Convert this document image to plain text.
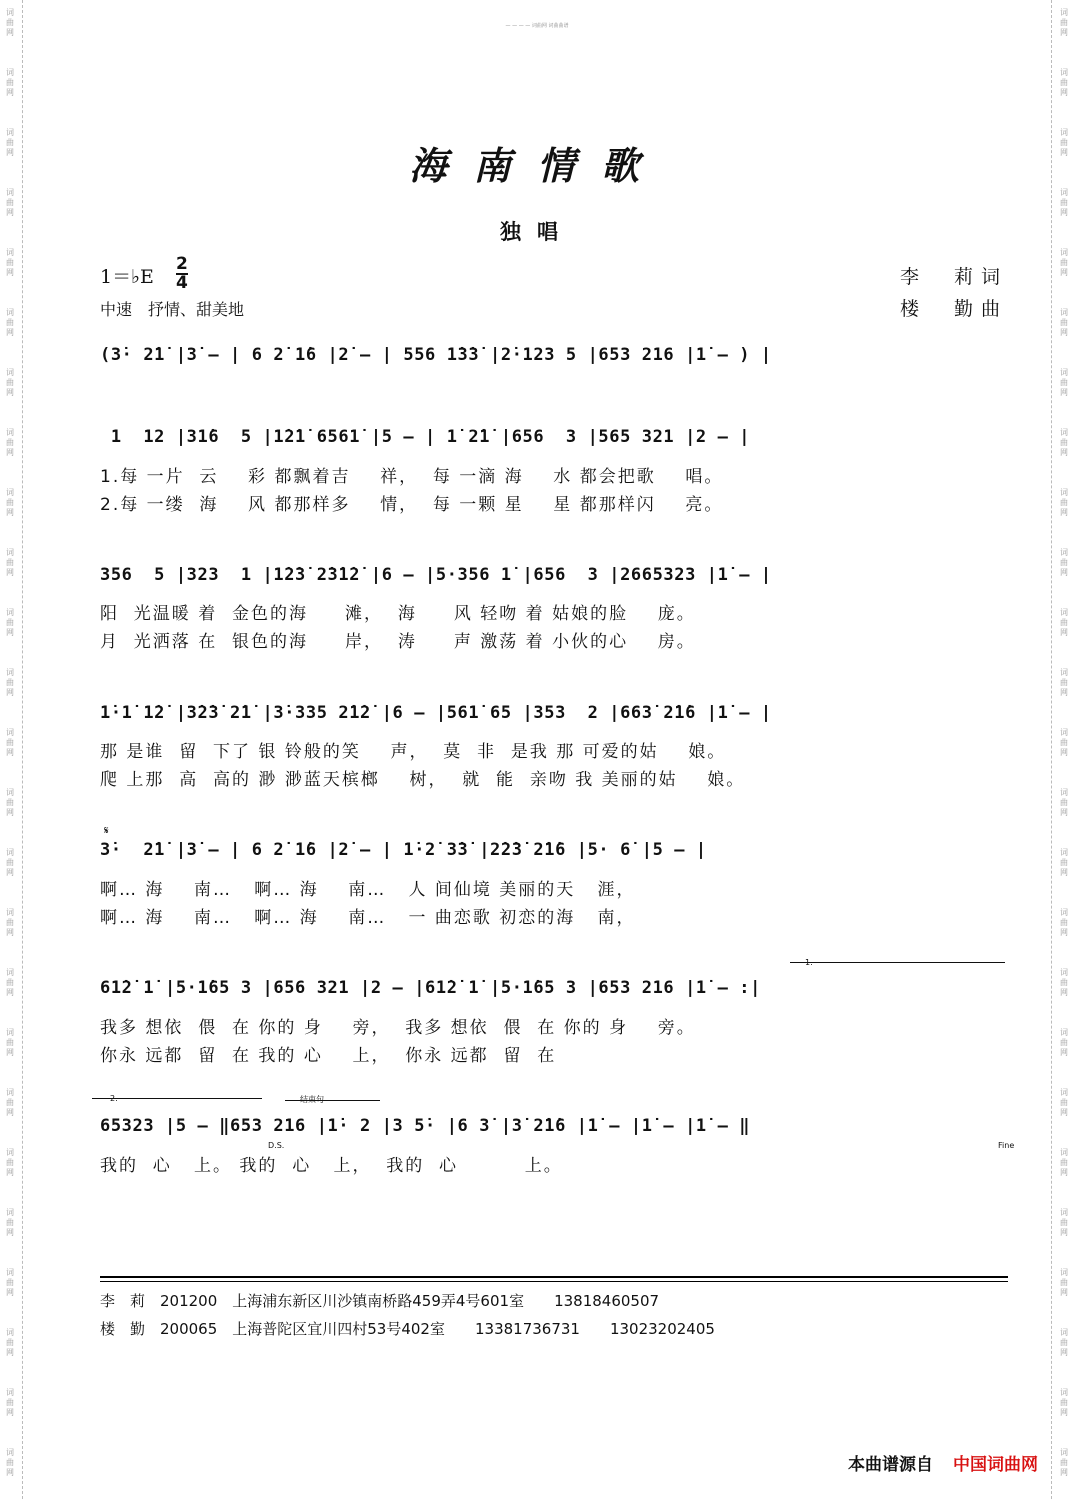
词
曲
网
词
曲
网
词
曲
网
词
曲
网
词
曲
网
词
曲
网
词
曲
网
词
曲
网
词
曲
网
词
曲
网
词
曲
网
词
曲
网
词
曲
网
词
曲
网
词
曲
网
词
曲
网
词
曲
网
词
曲
网
词
曲
网
词
曲
网
词
曲
网
词
曲
网
词
曲
网
词
曲
网
词
曲
网
词
曲
网
词
曲
网
词
曲
网
词
曲
网
词
曲
网
词
曲
网
词
曲
网
词
曲
网
词
曲
网
词
曲
网
词
曲
网
词
曲
网
词
曲
网
词
曲
网
词
曲
网
词
曲
网
词
曲
网
词
曲
网
词
曲
网
词
曲
网
词
曲
网
词
曲
网
词
曲
网
词
曲
网
词
曲
网
— — — — 词曲网 词曲曲谱
海南情歌
独唱
1＝♭E
2
4
中速　抒情、甜美地
李　莉词
楼　勤曲
(3̇· 2̇1̇ |3̇ — | 6 2̇ 1̇6 |2̇ — | 556 1̇3̇3̇ |2̇·123 5 |653 216 |1̇ — ) |
1  12 |31̇6  5 |1̇2̇1̇ 6561̇ |5 — | 1̇ 2̇1̇ |656  3 |565 321 |2 — |
1.每 一片  云    彩 都飘着吉    祥，  每 一滴 海    水 都会把歌    唱。
2.每 一缕  海    风 都那样多    情，  每 一颗 星    星 都那样闪    亮。
356  5 |323  1 |1̇2̇3̇ 2̇3̇1̇2̇ |6 — |5·356 1̇ |656  3 |2665323 |1̇ — |
阳  光温暖 着  金色的海     滩，  海     风 轻吻 着 姑娘的脸    庞。
月  光洒落 在  银色的海     岸，  涛     声 激荡 着 小伙的心    房。
1̇·1̇ 1̇2̇ |3̇2̇3̇ 2̇1̇ |3̇·335 2̇1̇2̇ |6 — |561̇ 65 |353  2 |663̇ 2̇1̇6 |1̇ — |
那 是谁  留  下了 银 铃般的笑    声，  莫  非  是我 那 可爱的姑    娘。
爬 上那  高  高的 渺 渺蓝天槟榔    树，  就  能  亲吻 我 美丽的姑    娘。
𝄋
3̇·  2̇1̇ |3̇ — | 6 2̇ 1̇6 |2̇ — | 1̇·2̇ 3̇3̇ |2̇2̇3̇ 2̇1̇6 |5· 6̇ |5 — |
啊… 海    南…   啊… 海    南…   人 间仙境 美丽的天   涯，
啊… 海    南…   啊… 海    南…   一 曲恋歌 初恋的海   南，
1.
61̇2̇ 1̇ |5·1̇65 3 |656 321 |2 — |61̇2̇ 1̇ |5·1̇65 3 |653 216 |1̇ — :|
我多 想依  偎  在 你的 身    旁，  我多 想依  偎  在 你的 身    旁。
你永 远都  留  在 我的 心    上，  你永 远都  留  在
2.	结束句
65323 |5 — ‖653 216 |1̇· 2 |3 5̇· |6 3̇ |3̇ 2̇1̇6 |1̇ — |1̇ — |1̇ — ‖
D.S.	Fine
我的  心   上。 我的  心   上，  我的  心         上。
李　莉　201200　上海浦东新区川沙镇南桥路459弄4号601室　　13818460507
楼　勤　200065　上海普陀区宜川四村53号402室　　13381736731　　13023202405
本曲谱源自 中国词曲网
